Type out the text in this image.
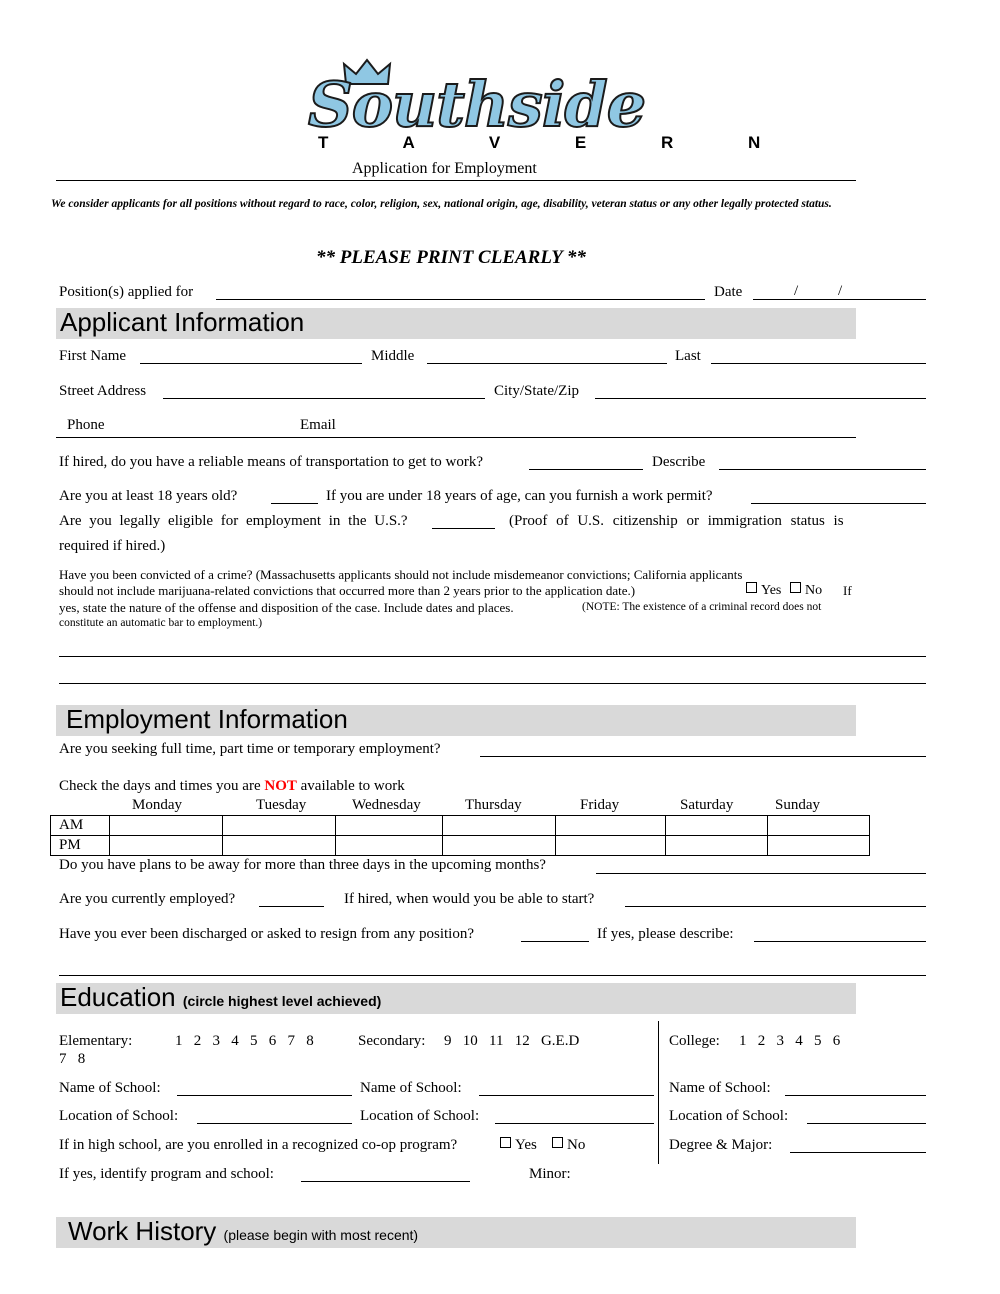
Southside
T A V E R N
Application for Employment
We consider applicants for all positions without regard to race, color, religion, sex, national origin, age, disability, veteran status or any other legally protected status.
** PLEASE PRINT CLEARLY **
Position(s) applied for	Date	/	/
Applicant Information
First Name	Middle	Last
Street Address	City/State/Zip
Phone	Email
If hired, do you have a reliable means of transportation to get to work?	Describe
Are you at least 18 years old?	If you are under 18 years of age, can you furnish a work permit?
Are you legally eligible for employment in the U.S.?	(Proof of U.S. citizenship or immigration status is
required if hired.)
Have you been convicted of a crime? (Massachusetts applicants should not include misdemeanor convictions; California applicants
should not include marijuana-related convictions that occurred more than 2 years prior to the application date.)	Yes	No If
yes, state the nature of the offense and disposition of the case. Include dates and places.	(NOTE: The existence of a criminal record does not
constitute an automatic bar to employment.)
Employment Information
Are you seeking full time, part time or temporary employment?
Check the days and times you are NOT available to work
Monday	Tuesday	Wednesday	Thursday	Friday	Saturday	Sunday
AM							
PM							
Do you have plans to be away for more than three days in the upcoming months?
Are you currently employed?	If hired, when would you be able to start?
Have you ever been discharged or asked to resign from any position?	If yes, please describe:
Education (circle highest level achieved)
Elementary:	1   2   3   4   5   6   7   8	Secondary: 9   10   11   12   G.E.D	College: 1   2   3   4   5   6
7   8
Name of School:	Name of School:	Name of School:
Location of School:	Location of School:	Location of School:
If in high school, are you enrolled in a recognized co-op program?	Yes	No	Degree & Major:
If yes, identify program and school:	Minor:
Work History (please begin with most recent)
